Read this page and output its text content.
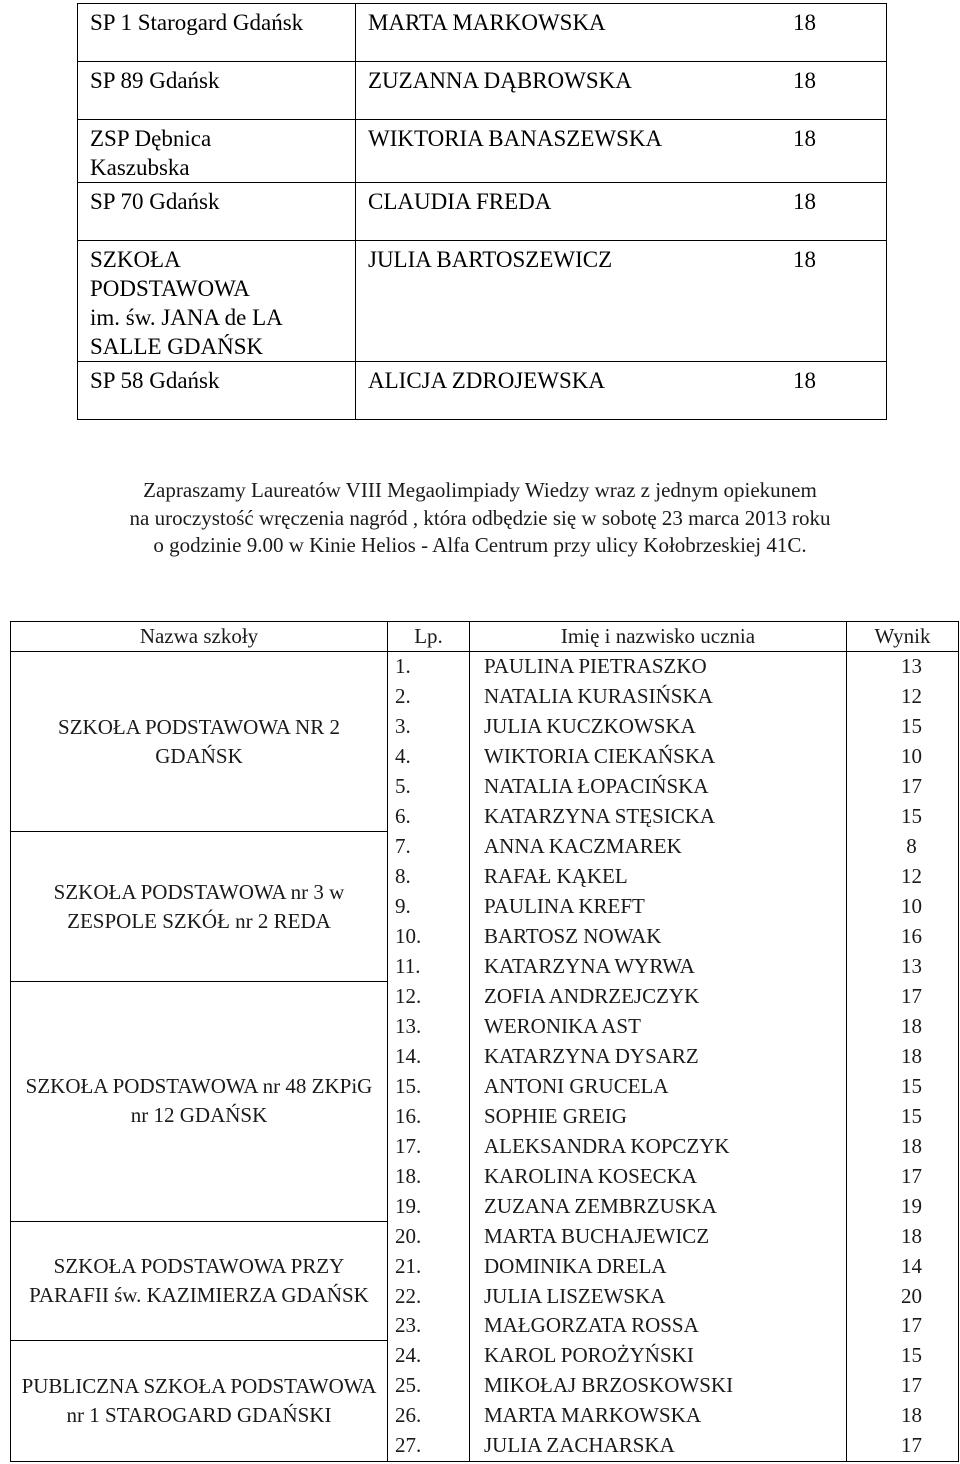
SP 1 Starogard Gdańsk	MARTA MARKOWSKA 18

SP 89 Gdańsk	ZUZANNA DĄBROWSKA 18

ZSP Dębnica
Kaszubska	WIKTORIA BANASZEWSKA 18

SP 70 Gdańsk	CLAUDIA FREDA 18

SZKOŁA
PODSTAWOWA
im. św. JANA de LA
SALLE GDAŃSK	JULIA BARTOSZEWICZ 18

SP 58 Gdańsk	ALICJA ZDROJEWSKA 18

Zapraszamy Laureatów VIII Megaolimpiady Wiedzy wraz z jednym opiekunem

na uroczystość wręczenia nagród , która odbędzie się w sobotę 23 marca 2013 roku

o godzinie 9.00 w Kinie Helios - Alfa Centrum przy ulicy Kołobrzeskiej 41C.

Nazwa szkoły	Lp.	Imię i nazwisko ucznia	Wynik
SZKOŁA PODSTAWOWA NR 2 GDAŃSK	1.	PAULINA PIETRASZKO	13
	2.	NATALIA KURASIŃSKA	12
	3.	JULIA KUCZKOWSKA	15
	4.	WIKTORIA CIEKAŃSKA	10
	5.	NATALIA ŁOPACIŃSKA	17
	6.	KATARZYNA STĘSICKA	15
SZKOŁA PODSTAWOWA nr 3 w ZESPOLE SZKÓŁ nr 2 REDA	7.	ANNA KACZMAREK	8
	8.	RAFAŁ KĄKEL	12
	9.	PAULINA KREFT	10
	10.	BARTOSZ NOWAK	16
	11.	KATARZYNA WYRWA	13
SZKOŁA PODSTAWOWA nr 48 ZKPiG nr 12 GDAŃSK	12.	ZOFIA ANDRZEJCZYK	17
	13.	WERONIKA AST	18
	14.	KATARZYNA DYSARZ	18
	15.	ANTONI GRUCELA	15
	16.	SOPHIE GREIG	15
	17.	ALEKSANDRA KOPCZYK	18
	18.	KAROLINA KOSECKA	17
	19.	ZUZANA ZEMBRZUSKA	19
SZKOŁA PODSTAWOWA PRZY PARAFII św. KAZIMIERZA GDAŃSK	20.	MARTA BUCHAJEWICZ	18
	21.	DOMINIKA DRELA	14
	22.	JULIA LISZEWSKA	20
	23.	MAŁGORZATA ROSSA	17
PUBLICZNA SZKOŁA PODSTAWOWA nr 1 STAROGARD GDAŃSKI	24.	KAROL POROŻYŃSKI	15
	25.	MIKOŁAJ BRZOSKOWSKI	17
	26.	MARTA MARKOWSKA	18
	27.	JULIA ZACHARSKA	17
